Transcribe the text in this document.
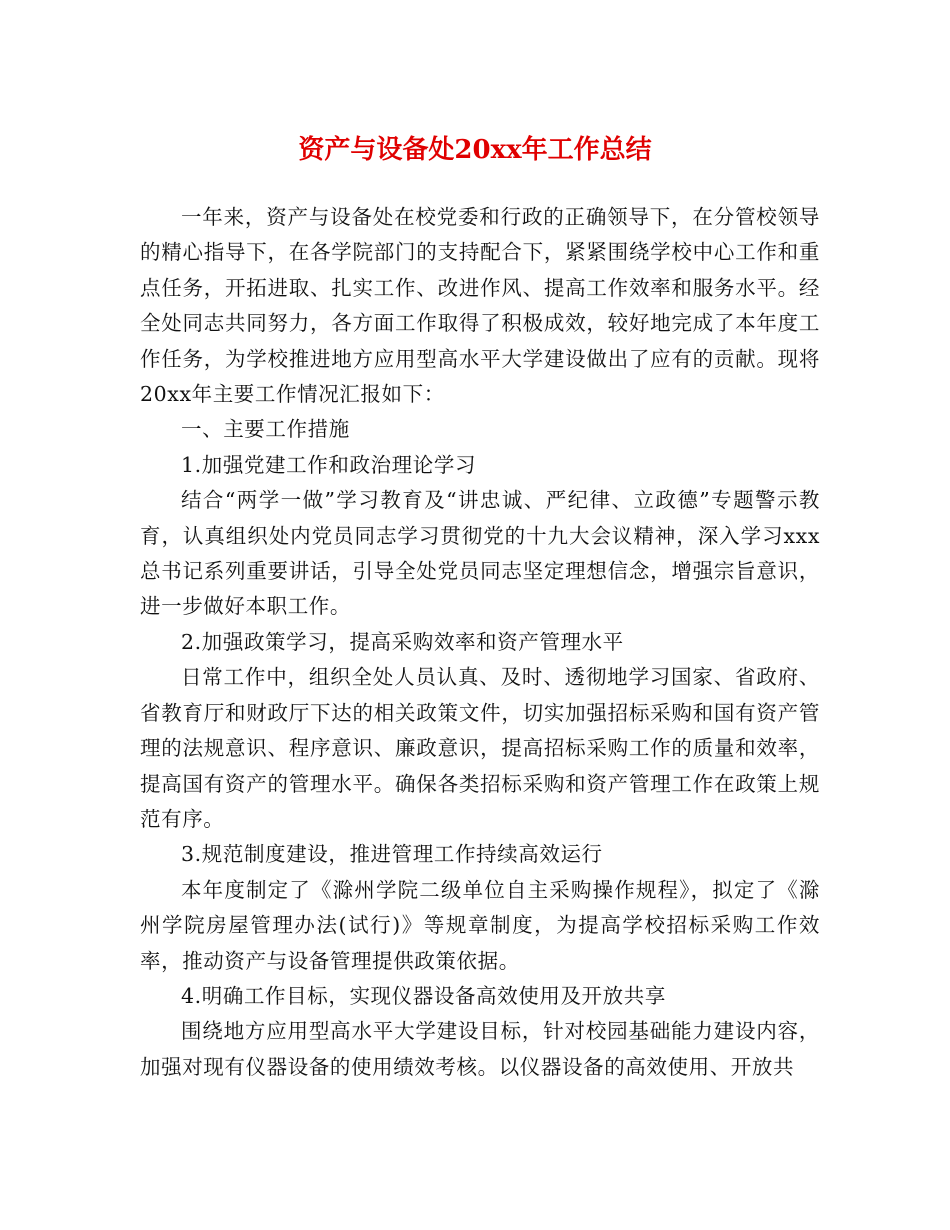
资产与设备处20xx年工作总结

一年来，资产与设备处在校党委和行政的正确领导下，在分管校领导的精心指导下，在各学院部门的支持配合下，紧紧围绕学校中心工作和重点任务，开拓进取、扎实工作、改进作风、提高工作效率和服务水平。经全处同志共同努力，各方面工作取得了积极成效，较好地完成了本年度工作任务，为学校推进地方应用型高水平大学建设做出了应有的贡献。现将20xx年主要工作情况汇报如下：

一、主要工作措施

1.加强党建工作和政治理论学习

结合“两学一做”学习教育及“讲忠诚、严纪律、立政德”专题警示教育，认真组织处内党员同志学习贯彻党的十九大会议精神，深入学习xxx总书记系列重要讲话，引导全处党员同志坚定理想信念，增强宗旨意识，进一步做好本职工作。

2.加强政策学习，提高采购效率和资产管理水平

日常工作中，组织全处人员认真、及时、透彻地学习国家、省政府、省教育厅和财政厅下达的相关政策文件，切实加强招标采购和国有资产管理的法规意识、程序意识、廉政意识，提高招标采购工作的质量和效率，提高国有资产的管理水平。确保各类招标采购和资产管理工作在政策上规范有序。

3.规范制度建设，推进管理工作持续高效运行

本年度制定了《滁州学院二级单位自主采购操作规程》，拟定了《滁州学院房屋管理办法(试行)》等规章制度，为提高学校招标采购工作效率，推动资产与设备管理提供政策依据。

4.明确工作目标，实现仪器设备高效使用及开放共享

围绕地方应用型高水平大学建设目标，针对校园基础能力建设内容，加强对现有仪器设备的使用绩效考核。以仪器设备的高效使用、开放共
